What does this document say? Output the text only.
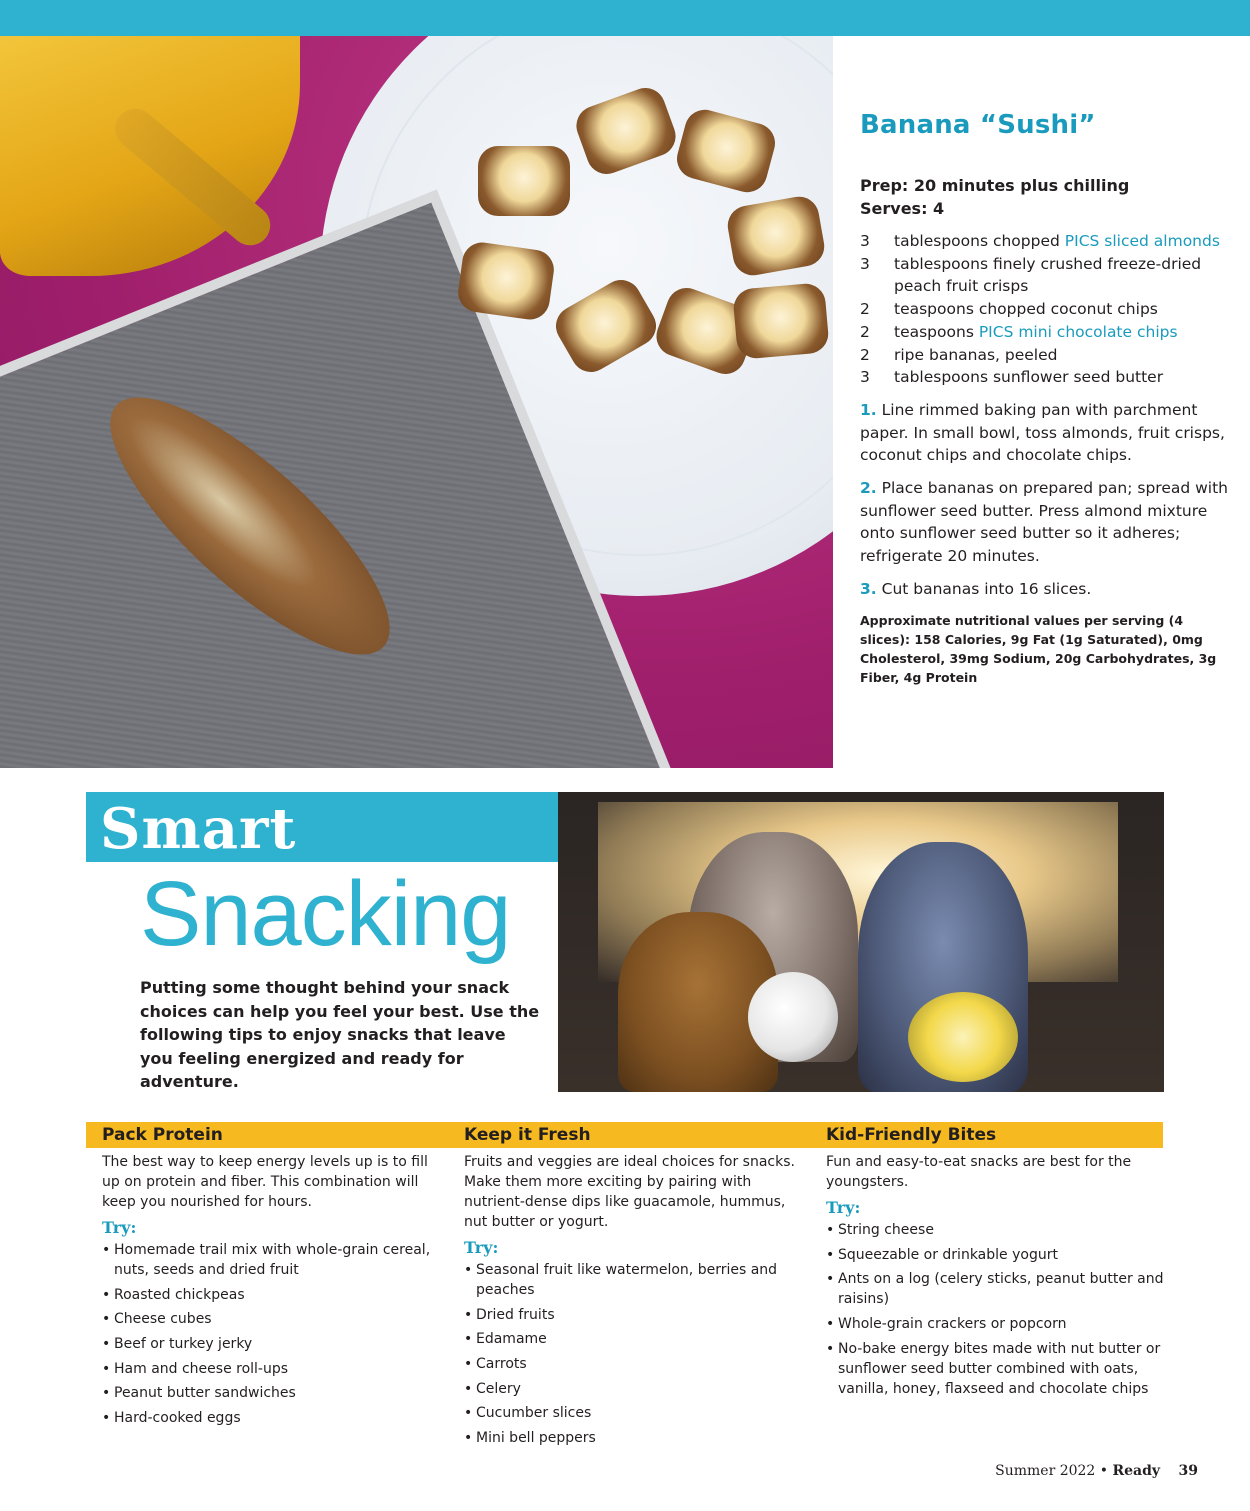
Banana “Sushi”
Prep: 20 minutes plus chilling
Serves: 4
3	tablespoons chopped PICS sliced almonds
3	tablespoons finely crushed freeze-dried peach fruit crisps
2	teaspoons chopped coconut chips
2	teaspoons PICS mini chocolate chips
2	ripe bananas, peeled
3	tablespoons sunflower seed butter

1. Line rimmed baking pan with parchment paper. In small bowl, toss almonds, fruit crisps, coconut chips and chocolate chips.

2. Place bananas on prepared pan; spread with sunflower seed butter. Press almond mixture onto sunflower seed butter so it adheres; refrigerate 20 minutes.

3. Cut bananas into 16 slices.

Approximate nutritional values per serving (4 slices): 158 Calories, 9g Fat (1g Saturated), 0mg Cholesterol, 39mg Sodium, 20g Carbohydrates, 3g Fiber, 4g Protein

Smart
Snacking

Putting some thought behind your snack choices can help you feel your best. Use the following tips to enjoy snacks that leave you feeling energized and ready for adventure.

Pack Protein

The best way to keep energy levels up is to fill up on protein and fiber. This combination will keep you nourished for hours.

Try:
• Homemade trail mix with whole-grain cereal, nuts, seeds and dried fruit
• Roasted chickpeas
• Cheese cubes
• Beef or turkey jerky
• Ham and cheese roll-ups
• Peanut butter sandwiches
• Hard-cooked eggs
Keep it Fresh

Fruits and veggies are ideal choices for snacks. Make them more exciting by pairing with nutrient-dense dips like guacamole, hummus, nut butter or yogurt.

Try:
• Seasonal fruit like watermelon, berries and peaches
• Dried fruits
• Edamame
• Carrots
• Celery
• Cucumber slices
• Mini bell peppers
Kid-Friendly Bites

Fun and easy-to-eat snacks are best for the youngsters.

Try:
• String cheese
• Squeezable or drinkable yogurt
• Ants on a log (celery sticks, peanut butter and raisins)
• Whole-grain crackers or popcorn
• No-bake energy bites made with nut butter or sunflower seed butter combined with oats, vanilla, honey, flaxseed and chocolate chips
Summer 2022 • Ready 39
